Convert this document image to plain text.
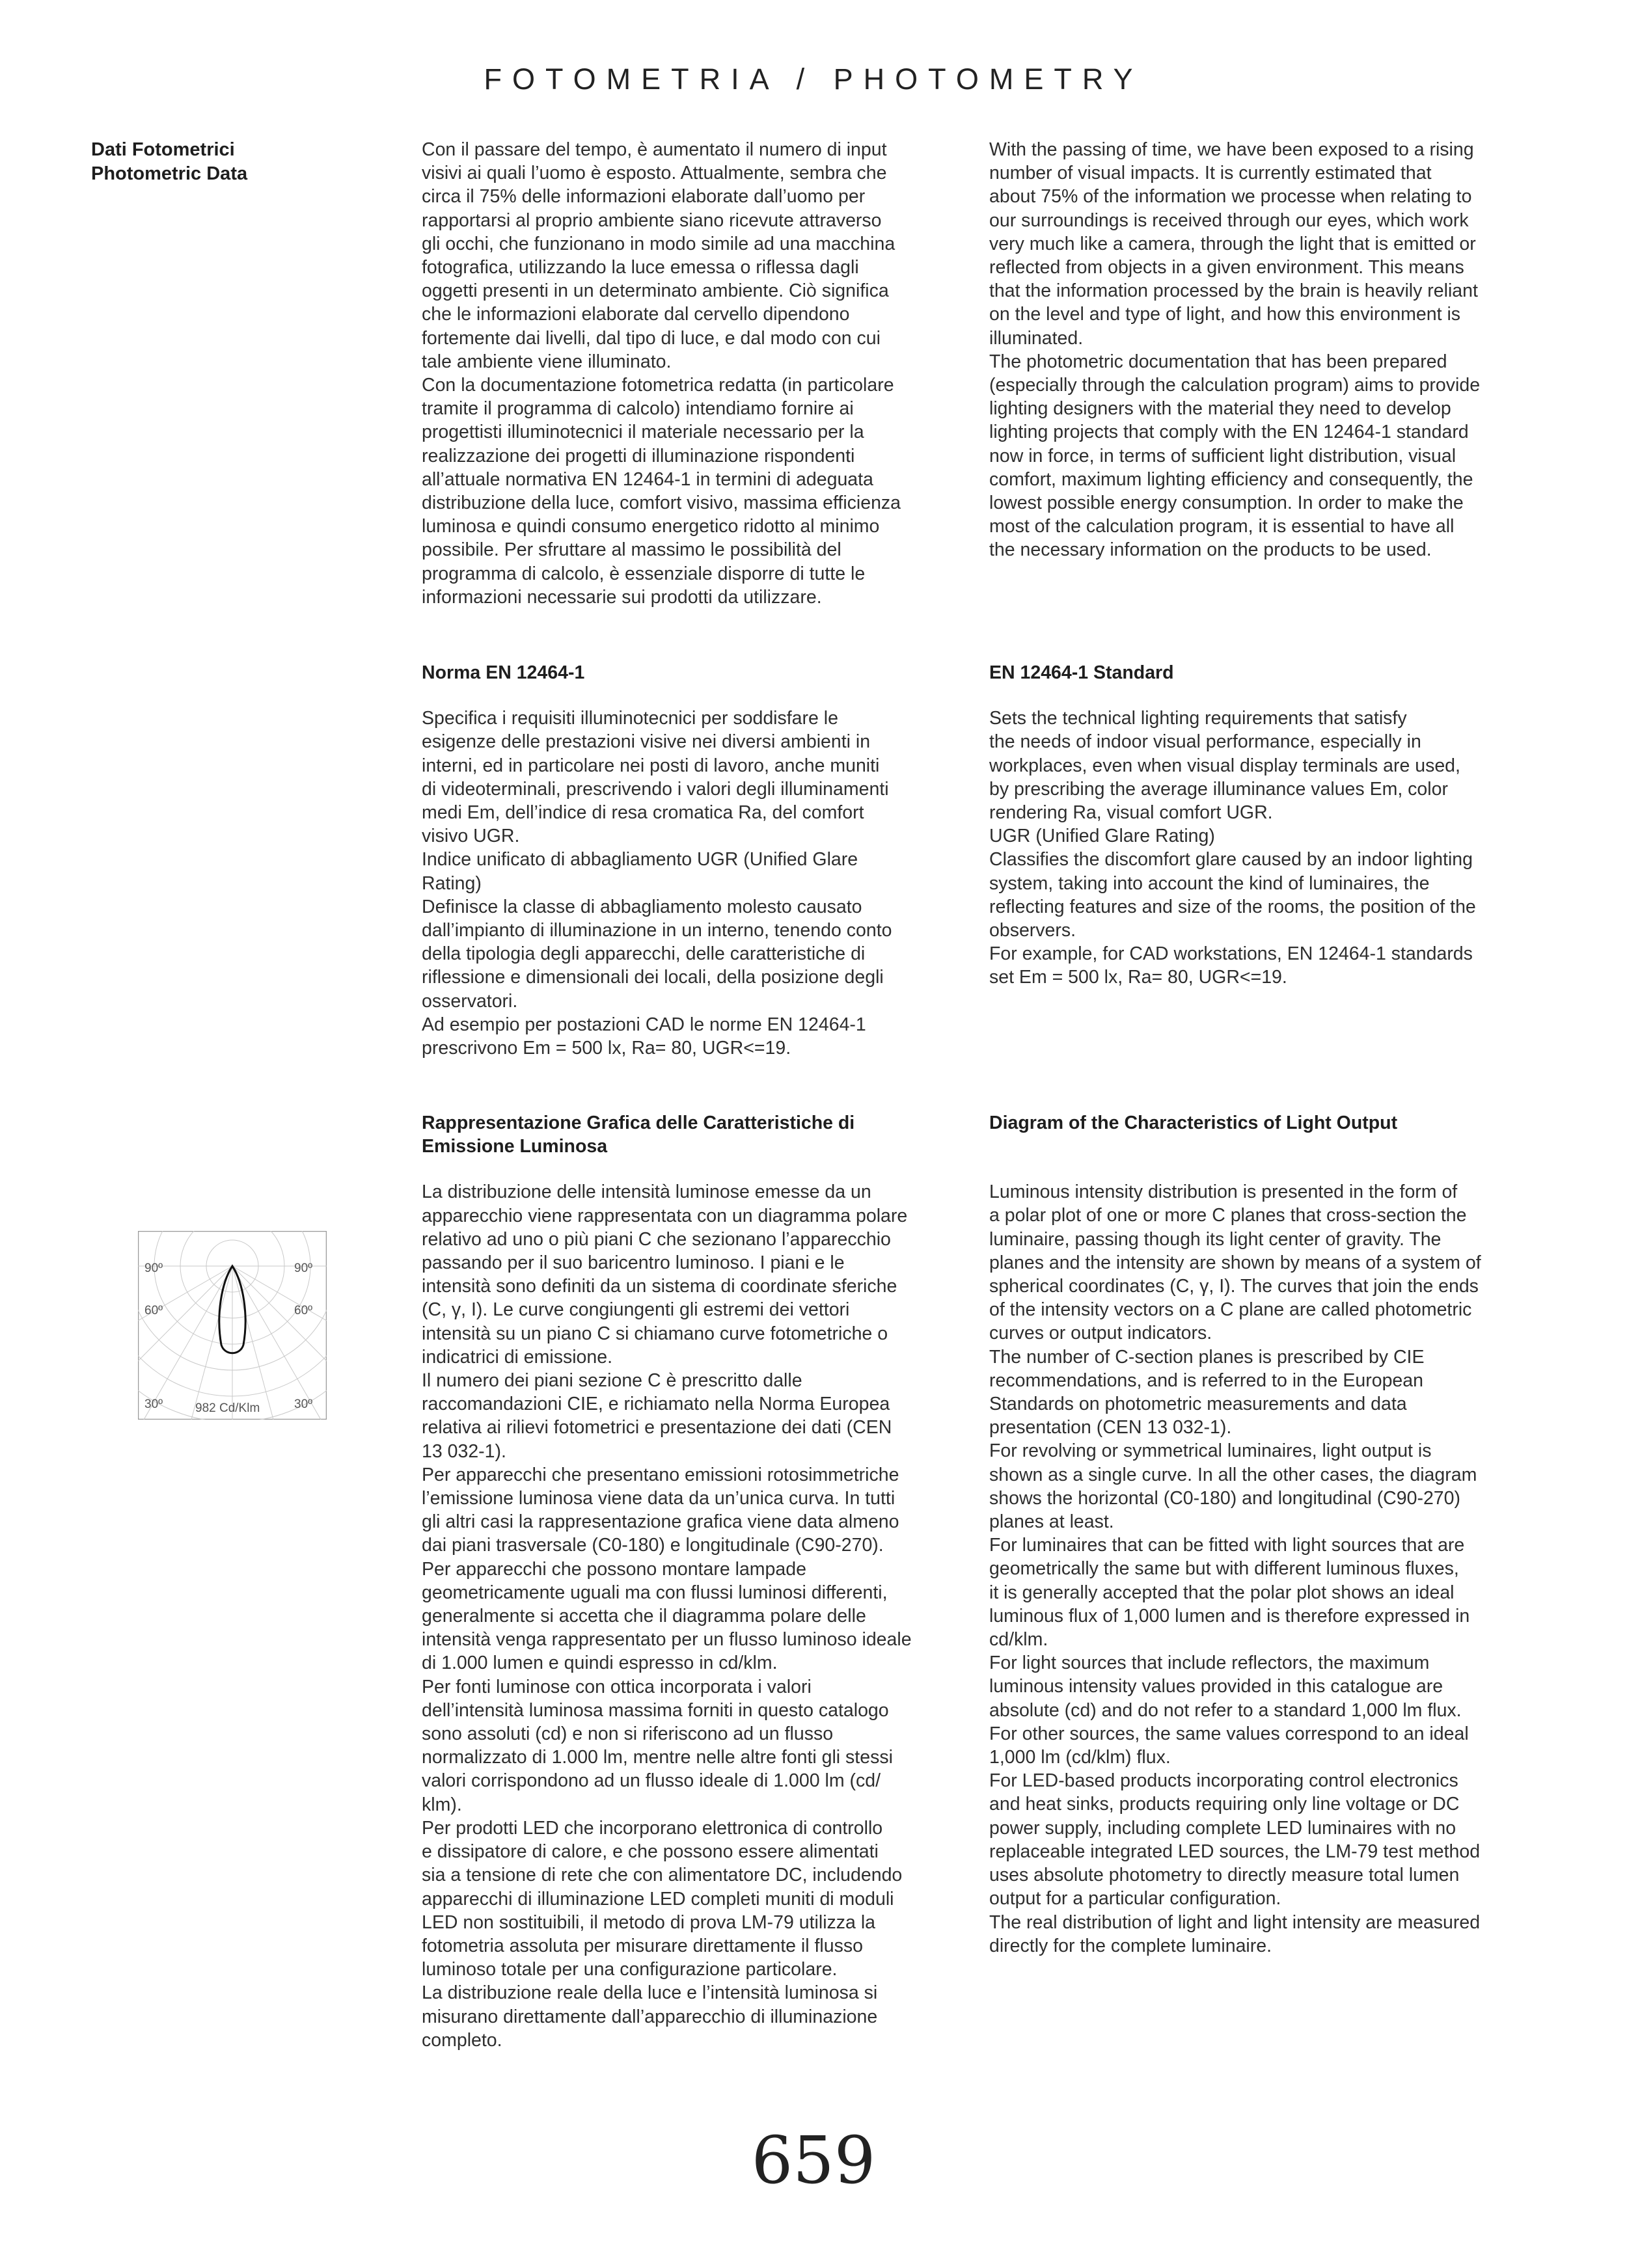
FOTOMETRIA / PHOTOMETRY
Dati Fotometrici
Photometric Data

Con il passare del tempo, è aumentato il numero di input
visivi ai quali l’uomo è esposto. Attualmente, sembra che
circa il 75% delle informazioni elaborate dall’uomo per
rapportarsi al proprio ambiente siano ricevute attraverso
gli occhi, che funzionano in modo simile ad una macchina
fotografica, utilizzando la luce emessa o riflessa dagli
oggetti presenti in un determinato ambiente. Ciò significa
che le informazioni elaborate dal cervello dipendono
fortemente dai livelli, dal tipo di luce, e dal modo con cui
tale ambiente viene illuminato.
Con la documentazione fotometrica redatta (in particolare
tramite il programma di calcolo) intendiamo fornire ai
progettisti illuminotecnici il materiale necessario per la
realizzazione dei progetti di illuminazione rispondenti
all’attuale normativa EN 12464-1 in termini di adeguata
distribuzione della luce, comfort visivo, massima efficienza
luminosa e quindi consumo energetico ridotto al minimo
possibile. Per sfruttare al massimo le possibilità del
programma di calcolo, è essenziale disporre di tutte le
informazioni necessarie sui prodotti da utilizzare.

With the passing of time, we have been exposed to a rising
number of visual impacts. It is currently estimated that
about 75% of the information we processe when relating to
our surroundings is received through our eyes, which work
very much like a camera, through the light that is emitted or
reflected from objects in a given environment. This means
that the information processed by the brain is heavily reliant
on the level and type of light, and how this environment is
illuminated.
The photometric documentation that has been prepared
(especially through the calculation program) aims to provide
lighting designers with the material they need to develop
lighting projects that comply with the EN 12464-1 standard
now in force, in terms of sufficient light distribution, visual
comfort, maximum lighting efficiency and consequently, the
lowest possible energy consumption. In order to make the
most of the calculation program, it is essential to have all
the necessary information on the products to be used.

Norma EN 12464-1

Specifica i requisiti illuminotecnici per soddisfare le
esigenze delle prestazioni visive nei diversi ambienti in
interni, ed in particolare nei posti di lavoro, anche muniti
di videoterminali, prescrivendo i valori degli illuminamenti
medi Em, dell’indice di resa cromatica Ra, del comfort
visivo UGR.
Indice unificato di abbagliamento UGR (Unified Glare
Rating)
Definisce la classe di abbagliamento molesto causato
dall’impianto di illuminazione in un interno, tenendo conto
della tipologia degli apparecchi, delle caratteristiche di
riflessione e dimensionali dei locali, della posizione degli
osservatori.
Ad esempio per postazioni CAD le norme EN 12464-1
prescrivono Em = 500 lx, Ra= 80, UGR<=19.

EN 12464-1 Standard

Sets the technical lighting requirements that satisfy
the needs of indoor visual performance, especially in
workplaces, even when visual display terminals are used,
by prescribing the average illuminance values Em, color
rendering Ra, visual comfort UGR.
UGR (Unified Glare Rating)
Classifies the discomfort glare caused by an indoor lighting
system, taking into account the kind of luminaires, the
reflecting features and size of the rooms, the position of the
observers.
For example, for CAD workstations, EN 12464-1 standards
set Em = 500 lx, Ra= 80, UGR<=19.

Rappresentazione Grafica delle Caratteristiche di
Emissione Luminosa

La distribuzione delle intensità luminose emesse da un
apparecchio viene rappresentata con un diagramma polare
relativo ad uno o più piani C che sezionano l’apparecchio
passando per il suo baricentro luminoso. I piani e le
intensità sono definiti da un sistema di coordinate sferiche
(C, γ, I). Le curve congiungenti gli estremi dei vettori
intensità su un piano C si chiamano curve fotometriche o
indicatrici di emissione.
Il numero dei piani sezione C è prescritto dalle
raccomandazioni CIE, e richiamato nella Norma Europea
relativa ai rilievi fotometrici e presentazione dei dati (CEN
13 032-1).
Per apparecchi che presentano emissioni rotosimmetriche
l’emissione luminosa viene data da un’unica curva. In tutti
gli altri casi la rappresentazione grafica viene data almeno
dai piani trasversale (C0-180) e longitudinale (C90-270).
Per apparecchi che possono montare lampade
geometricamente uguali ma con flussi luminosi differenti,
generalmente si accetta che il diagramma polare delle
intensità venga rappresentato per un flusso luminoso ideale
di 1.000 lumen e quindi espresso in cd/klm.
Per fonti luminose con ottica incorporata i valori
dell’intensità luminosa massima forniti in questo catalogo
sono assoluti (cd) e non si riferiscono ad un flusso
normalizzato di 1.000 lm, mentre nelle altre fonti gli stessi
valori corrispondono ad un flusso ideale di 1.000 lm (cd/
klm).
Per prodotti LED che incorporano elettronica di controllo
e dissipatore di calore, e che possono essere alimentati
sia a tensione di rete che con alimentatore DC, includendo
apparecchi di illuminazione LED completi muniti di moduli
LED non sostituibili, il metodo di prova LM-79 utilizza la
fotometria assoluta per misurare direttamente il flusso
luminoso totale per una configurazione particolare.
La distribuzione reale della luce e l’intensità luminosa si
misurano direttamente dall’apparecchio di illuminazione
completo.

Diagram of the Characteristics of Light Output

Luminous intensity distribution is presented in the form of
a polar plot of one or more C planes that cross-section the
luminaire, passing though its light center of gravity. The
planes and the intensity are shown by means of a system of
spherical coordinates (C, γ, I). The curves that join the ends
of the intensity vectors on a C plane are called photometric
curves or output indicators.
The number of C-section planes is prescribed by CIE
recommendations, and is referred to in the European
Standards on photometric measurements and data
presentation (CEN 13 032-1).
For revolving or symmetrical luminaires, light output is
shown as a single curve. In all the other cases, the diagram
shows the horizontal (C0-180) and longitudinal (C90-270)
planes at least.
For luminaires that can be fitted with light sources that are
geometrically the same but with different luminous fluxes,
it is generally accepted that the polar plot shows an ideal
luminous flux of 1,000 lumen and is therefore expressed in
cd/klm.
For light sources that include reflectors, the maximum
luminous intensity values provided in this catalogue are
absolute (cd) and do not refer to a standard 1,000 lm flux.
For other sources, the same values correspond to an ideal
1,000 lm (cd/klm) flux.
For LED-based products incorporating control electronics
and heat sinks, products requiring only line voltage or DC
power supply, including complete LED luminaires with no
replaceable integrated LED sources, the LM-79 test method
uses absolute photometry to directly measure total lumen
output for a particular configuration.
The real distribution of light and light intensity are measured
directly for the complete luminaire.

90º	90º
60º	60º
30º	30º
982 Cd/Klm
659
